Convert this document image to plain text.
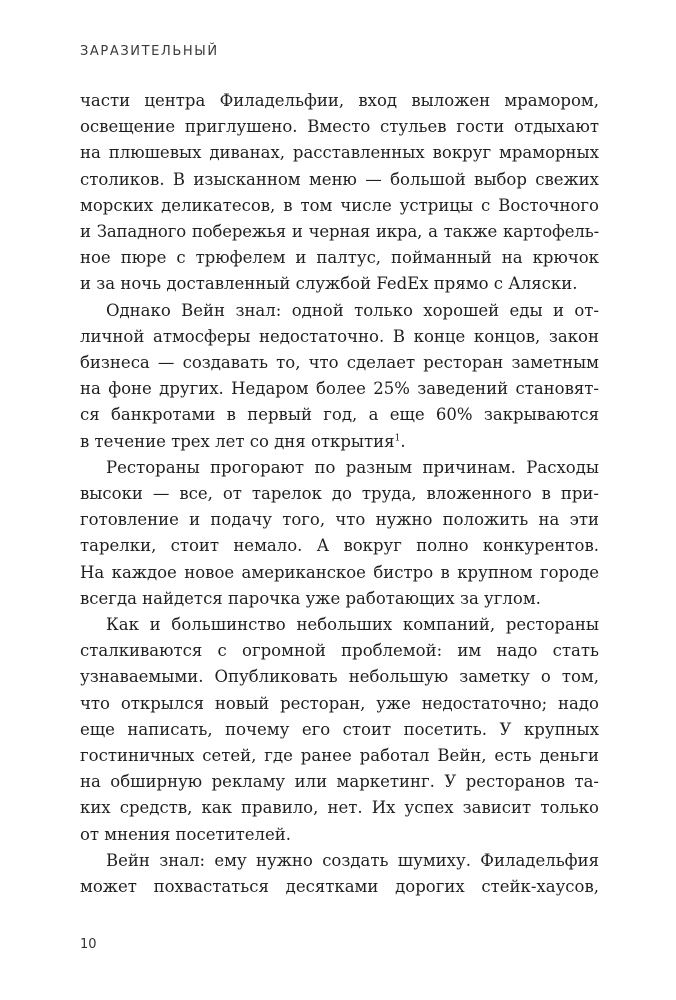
ЗАРАЗИТЕЛЬНЫЙ
части центра Филадельфии, вход выложен мрамором,
освещение приглушено. Вместо стульев гости отдыхают
на плюшевых диванах, расставленных вокруг мраморных
столиков. В изысканном меню — большой выбор свежих
морских деликатесов, в том числе устрицы с Восточного
и Западного побережья и черная икра, а также картофель-
ное пюре с трюфелем и палтус, пойманный на крючок
и за ночь доставленный службой FedEx прямо с Аляски.
Однако Вейн знал: одной только хорошей еды и от-
личной атмосферы недостаточно. В конце концов, закон
бизнеса — создавать то, что сделает ресторан заметным
на фоне других. Недаром более 25% заведений становят-
ся банкротами в первый год, а еще 60% закрываются
в течение трех лет со дня открытия$^1$.
Рестораны прогорают по разным причинам. Расходы
высоки — все, от тарелок до труда, вложенного в при-
готовление и подачу того, что нужно положить на эти
тарелки, стоит немало. А вокруг полно конкурентов.
На каждое новое американское бистро в крупном городе
всегда найдется парочка уже работающих за углом.
Как и большинство небольших компаний, рестораны
сталкиваются с огромной проблемой: им надо стать
узнаваемыми. Опубликовать небольшую заметку о том,
что открылся новый ресторан, уже недостаточно; надо
еще написать, почему его стоит посетить. У крупных
гостиничных сетей, где ранее работал Вейн, есть деньги
на обширную рекламу или маркетинг. У ресторанов та-
ких средств, как правило, нет. Их успех зависит только
от мнения посетителей.
Вейн знал: ему нужно создать шумиху. Филадельфия
может похвастаться десятками дорогих стейк-хаусов,
10
